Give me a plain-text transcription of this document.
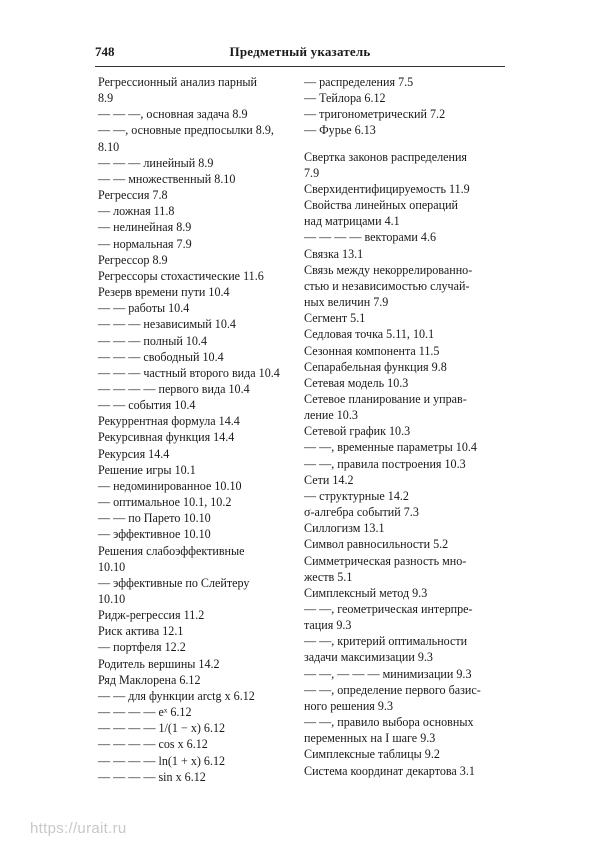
748	Предметный указатель
Регрессионный анализ парный
8.9
— — —, основная задача 8.9
— —, основные предпосылки 8.9,
8.10
— — — линейный 8.9
— — множественный 8.10
Регрессия 7.8
— ложная 11.8
— нелинейная 8.9
— нормальная 7.9
Регрессор 8.9
Регрессоры стохастические 11.6
Резерв времени пути 10.4
— — работы 10.4
— — — независимый 10.4
— — — полный 10.4
— — — свободный 10.4
— — — частный второго вида 10.4
— — — — первого вида 10.4
— — события 10.4
Рекуррентная формула 14.4
Рекурсивная функция 14.4
Рекурсия 14.4
Решение игры 10.1
— недоминированное 10.10
— оптимальное 10.1, 10.2
— — по Парето 10.10
— эффективное 10.10
Решения слабоэффективные
10.10
— эффективные по Слейтеру
10.10
Ридж-регрессия 11.2
Риск актива 12.1
— портфеля 12.2
Родитель вершины 14.2
Ряд Маклорена 6.12
— — для функции arctg x 6.12
— — — — eˣ 6.12
— — — — 1/(1 − x) 6.12
— — — — cos x 6.12
— — — — ln(1 + x) 6.12
— — — — sin x 6.12
— распределения 7.5
— Тейлора 6.12
— тригонометрический 7.2
— Фурье 6.13
Свертка законов распределения
7.9
Сверхидентифицируемость 11.9
Свойства линейных операций
над матрицами 4.1
— — — — векторами 4.6
Связка 13.1
Связь между некоррелированно-
стью и независимостью случай-
ных величин 7.9
Сегмент 5.1
Седловая точка 5.11, 10.1
Сезонная компонента 11.5
Сепарабельная функция 9.8
Сетевая модель 10.3
Сетевое планирование и управ-
ление 10.3
Сетевой график 10.3
— —, временные параметры 10.4
— —, правила построения 10.3
Сети 14.2
— структурные 14.2
σ-алгебра событий 7.3
Силлогизм 13.1
Символ равносильности 5.2
Симметрическая разность мно-
жеств 5.1
Симплексный метод 9.3
— —, геометрическая интерпре-
тация 9.3
— —, критерий оптимальности
задачи максимизации 9.3
— —, — — — минимизации 9.3
— —, определение первого базис-
ного решения 9.3
— —, правило выбора основных
переменных на I шаге 9.3
Симплексные таблицы 9.2
Система координат декартова 3.1
https://urait.ru
